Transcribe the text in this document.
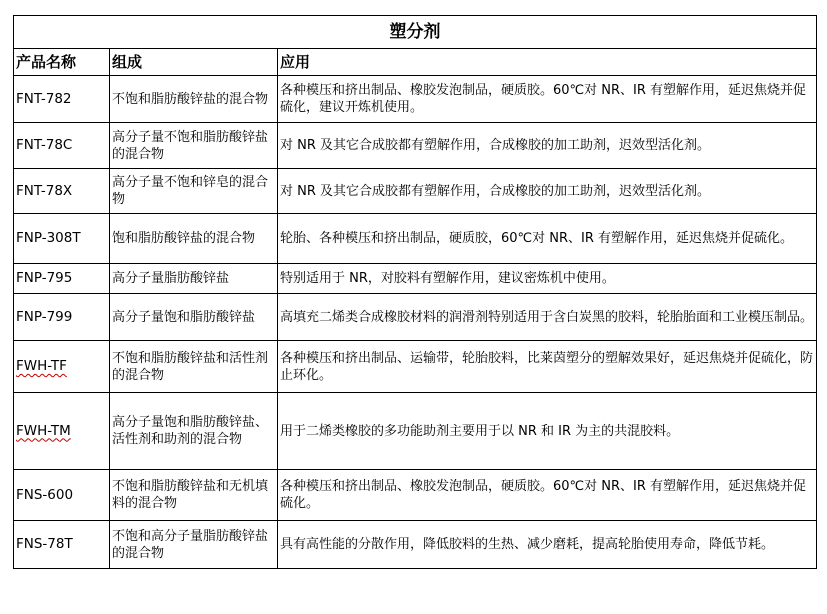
塑分剂		
产品名称	组成	应用
FNT-782	不饱和脂肪酸锌盐的混合物	各种模压和挤出制品、橡胶发泡制品，硬质胶。60℃对 NR、IR 有塑解作用，延迟焦烧并促硫化，建议开炼机使用。
FNT-78C	高分子量不饱和脂肪酸锌盐的混合物	对 NR 及其它合成胶都有塑解作用，合成橡胶的加工助剂，迟效型活化剂。
FNT-78X	高分子量不饱和锌皂的混合物	对 NR 及其它合成胶都有塑解作用，合成橡胶的加工助剂，迟效型活化剂。
FNP-308T	饱和脂肪酸锌盐的混合物	轮胎、各种模压和挤出制品，硬质胶，60℃对 NR、IR 有塑解作用，延迟焦烧并促硫化。
FNP-795	高分子量脂肪酸锌盐	特别适用于 NR，对胶料有塑解作用，建议密炼机中使用。
FNP-799	高分子量饱和脂肪酸锌盐	高填充二烯类合成橡胶材料的润滑剂特别适用于含白炭黑的胶料，轮胎胎面和工业模压制品。
FWH-TF	不饱和脂肪酸锌盐和活性剂的混合物	各种模压和挤出制品、运输带，轮胎胶料，比莱茵塑分的塑解效果好，延迟焦烧并促硫化，防止环化。
FWH-TM	高分子量饱和脂肪酸锌盐、活性剂和助剂的混合物	用于二烯类橡胶的多功能助剂主要用于以 NR 和 IR 为主的共混胶料。
FNS-600	不饱和脂肪酸锌盐和无机填料的混合物	各种模压和挤出制品、橡胶发泡制品，硬质胶。60℃对 NR、IR 有塑解作用，延迟焦烧并促硫化。
FNS-78T	不饱和高分子量脂肪酸锌盐的混合物	具有高性能的分散作用，降低胶料的生热、减少磨耗，提高轮胎使用寿命，降低节耗。
